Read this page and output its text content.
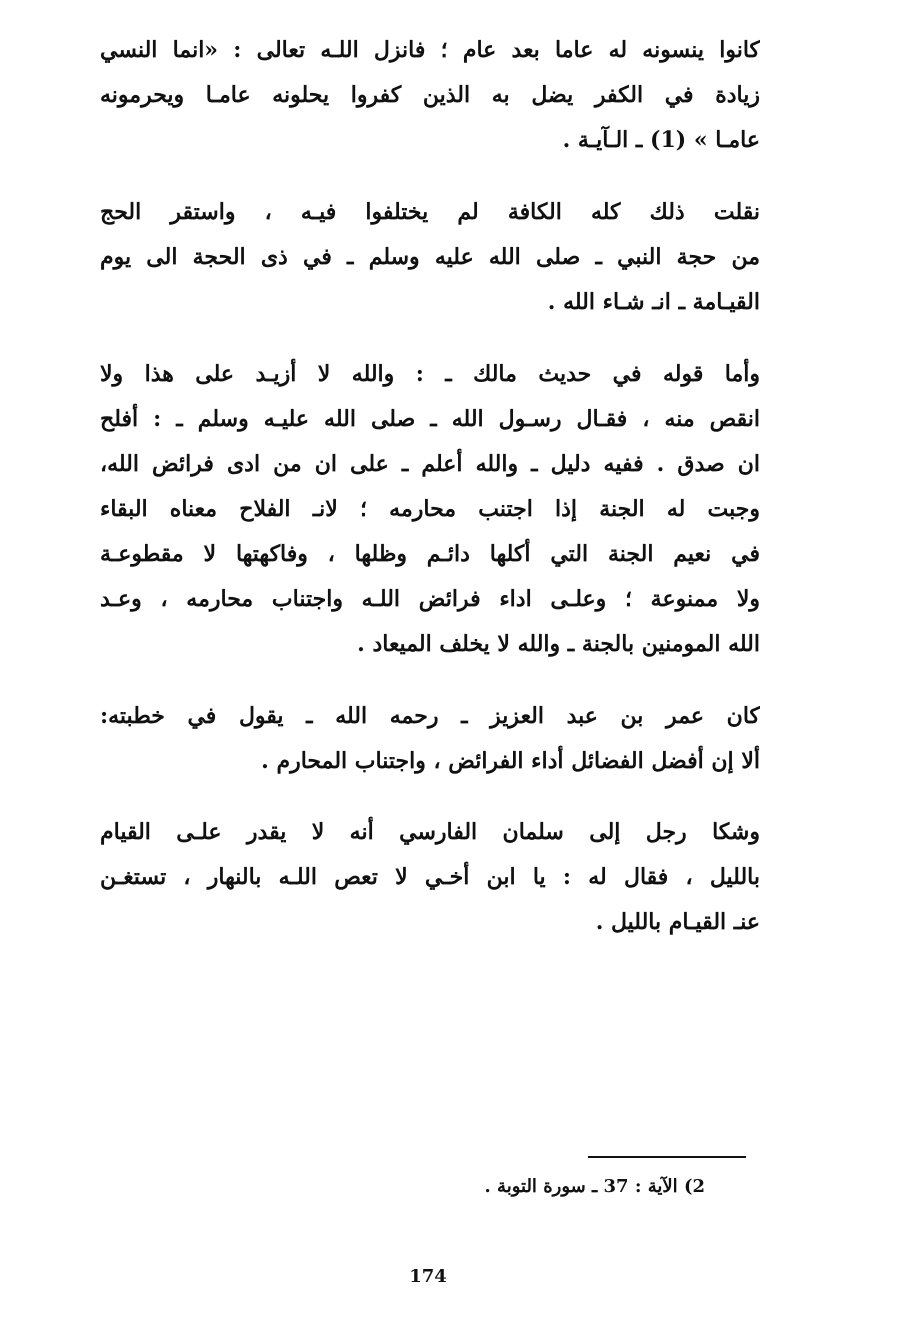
كانوا ينسونه له عاما بعد عام ؛ فانزل اللـه تعالى : «انما النسي
زيادة في الكفر يضل به الذين كفروا يحلونه عامـا ويحرمونه
عامـا » (1) ـ الـآيـة .
نقلت ذلك كله الكافة لم يختلفوا فيـه ، واستقر الحج
من حجة النبي ـ صلى الله عليه وسلم ـ في ذى الحجة الى يوم
القيـامة ـ انـ شـاء الله .
وأما قوله في حديث مالك ـ : والله لا أزيـد على هذا ولا
انقص منه ، فقـال رسـول الله ـ صلى الله عليـه وسلم ـ : أفلح
ان صدق . ففيه دليل ـ والله أعلم ـ على ان من ادى فرائض الله،
وجبت له الجنة إذا اجتنب محارمه ؛ لانـ الفلاح معناه البقاء
في نعيم الجنة التي أكلها دائـم وظلها ، وفاكهتها لا مقطوعـة
ولا ممنوعة ؛ وعلـى اداء فرائض اللـه واجتناب محارمه ، وعـد
الله المومنين بالجنة ـ والله لا يخلف الميعاد .
كان عمر بن عبد العزيز ـ رحمه الله ـ يقول في خطبته:
ألا إن أفضل الفضائل أداء الفرائض ، واجتناب المحارم .
وشكا رجل إلى سلمان الفارسي أنه لا يقدر علـى القيام
بالليل ، فقال له : يا ابن أخـي لا تعص اللـه بالنهار ، تستغـن
عنـ القيـام بالليل .
2) الآية : 37 ـ سورة التوبة .
174
